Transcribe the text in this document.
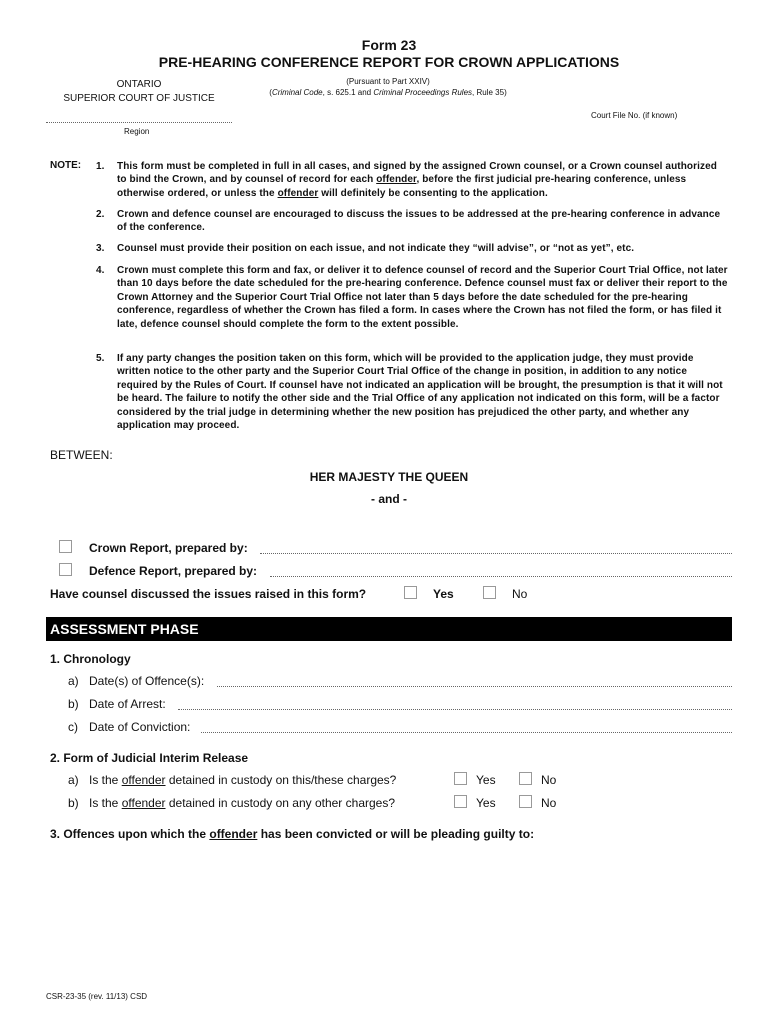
Form 23
PRE-HEARING CONFERENCE REPORT FOR CROWN APPLICATIONS
ONTARIO
SUPERIOR COURT OF JUSTICE
(Pursuant to Part XXIV)
(Criminal Code, s. 625.1 and Criminal Proceedings Rules, Rule 35)
Court File No. (if known)
Region
NOTE: 1. This form must be completed in full in all cases, and signed by the assigned Crown counsel, or a Crown counsel authorized to bind the Crown, and by counsel of record for each offender, before the first judicial pre-hearing conference, unless otherwise ordered, or unless the offender will definitely be consenting to the application.
2. Crown and defence counsel are encouraged to discuss the issues to be addressed at the pre-hearing conference in advance of the conference.
3. Counsel must provide their position on each issue, and not indicate they “will advise”, or “not as yet”, etc.
4. Crown must complete this form and fax, or deliver it to defence counsel of record and the Superior Court Trial Office, not later than 10 days before the date scheduled for the pre-hearing conference. Defence counsel must fax or deliver their report to the Crown Attorney and the Superior Court Trial Office not later than 5 days before the date scheduled for the pre-hearing conference, regardless of whether the Crown has filed a form. In cases where the Crown has not filed the form, or has filed it late, defence counsel should complete the form to the extent possible.
5. If any party changes the position taken on this form, which will be provided to the application judge, they must provide written notice to the other party and the Superior Court Trial Office of the change in position, in addition to any notice required by the Rules of Court. If counsel have not indicated an application will be brought, the presumption is that it will not be heard. The failure to notify the other side and the Trial Office of any application not indicated on this form, will be a factor considered by the trial judge in determining whether the new position has prejudiced the other party, and whether any application may proceed.
BETWEEN:
HER MAJESTY THE QUEEN
- and -
Crown Report, prepared by:
Defence Report, prepared by:
Have counsel discussed the issues raised in this form?	Yes	No
ASSESSMENT PHASE
1. Chronology
a) Date(s) of Offence(s):
b) Date of Arrest:
c) Date of Conviction:
2. Form of Judicial Interim Release
a) Is the offender detained in custody on this/these charges?	Yes	No
b) Is the offender detained in custody on any other charges?	Yes	No
3. Offences upon which the offender has been convicted or will be pleading guilty to:
CSR-23-35 (rev. 11/13) CSD
